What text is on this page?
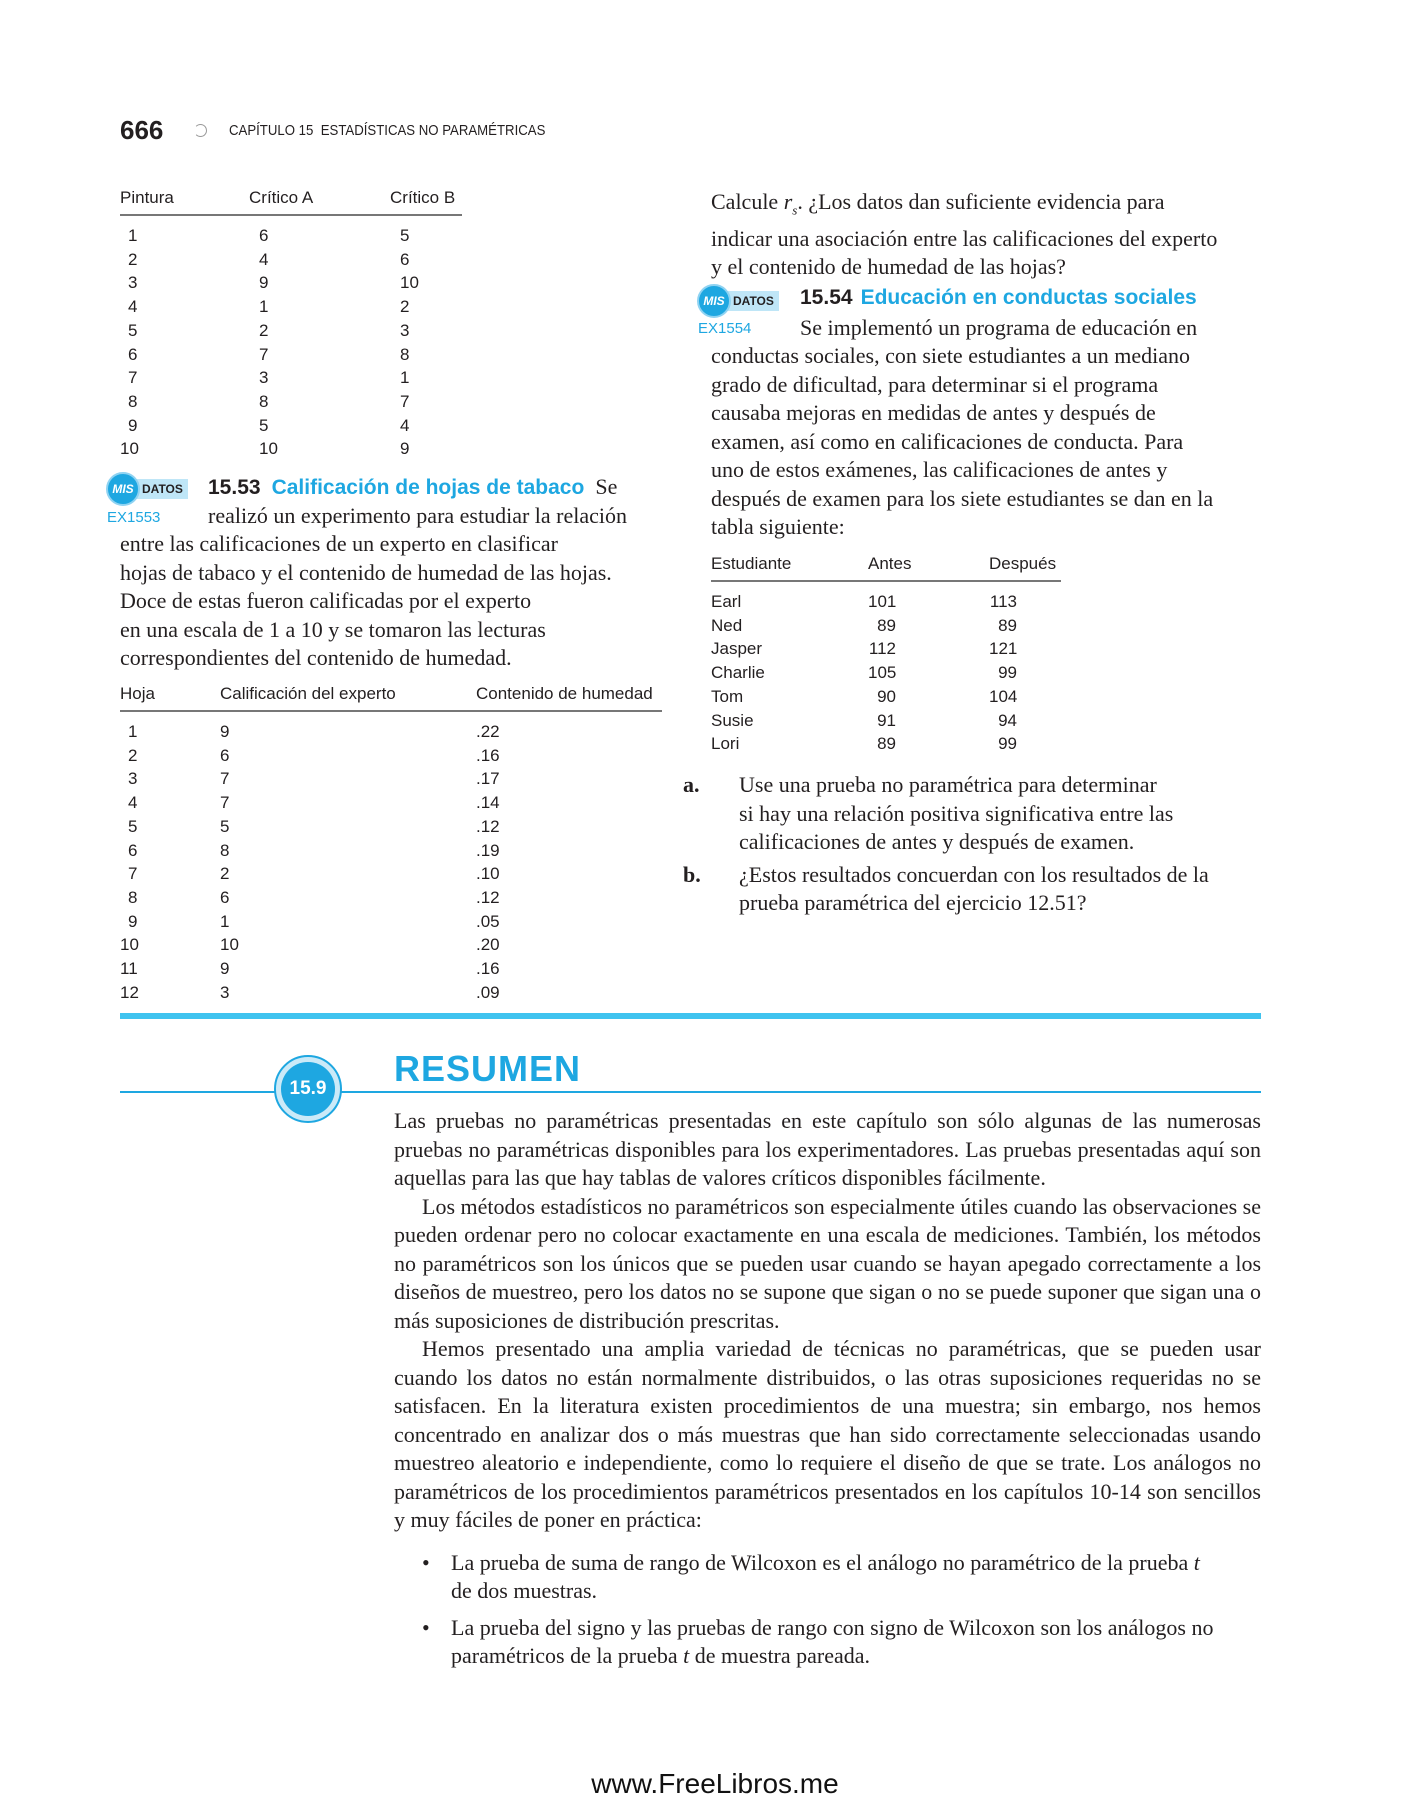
666	CAPÍTULO 15 ESTADÍSTICAS NO PARAMÉTRICAS
Pintura	Crítico A	Crítico B
1	6	5
2	4	6
3	9	10
4	1	2
5	2	3
6	7	8
7	3	1
8	8	7
9	5	4
10	10	9
MIS DATOS
EX1553
15.53 Calificación de hojas de tabaco Se
realizó un experimento para estudiar la relación
entre las calificaciones de un experto en clasificar
hojas de tabaco y el contenido de humedad de las hojas.
Doce de estas fueron calificadas por el experto
en una escala de 1 a 10 y se tomaron las lecturas
correspondientes del contenido de humedad.
Hoja	Calificación del experto	Contenido de humedad
1	9	.22
2	6	.16
3	7	.17
4	7	.14
5	5	.12
6	8	.19
7	2	.10
8	6	.12
9	1	.05
10	10	.20
11	9	.16
12	3	.09
Calcule $r_s$. ¿Los datos dan suficiente evidencia para
indicar una asociación entre las calificaciones del experto
y el contenido de humedad de las hojas?
MIS DATOS
EX1554
15.54 Educación en conductas sociales
Se implementó un programa de educación en
conductas sociales, con siete estudiantes a un mediano
grado de dificultad, para determinar si el programa
causaba mejoras en medidas de antes y después de
examen, así como en calificaciones de conducta. Para
uno de estos exámenes, las calificaciones de antes y
después de examen para los siete estudiantes se dan en la
tabla siguiente:
Estudiante	Antes	Después
Earl	101	113
Ned	89	89
Jasper	112	121
Charlie	105	99
Tom	90	104
Susie	91	94
Lori	89	99
a. Use una prueba no paramétrica para determinar
si hay una relación positiva significativa entre las
calificaciones de antes y después de examen.
b. ¿Estos resultados concuerdan con los resultados de la
prueba paramétrica del ejercicio 12.51?
15.9 RESUMEN

Las pruebas no paramétricas presentadas en este capítulo son sólo algunas de las numerosas pruebas no paramétricas disponibles para los experimentadores. Las pruebas presentadas aquí son aquellas para las que hay tablas de valores críticos disponibles fácilmente.

Los métodos estadísticos no paramétricos son especialmente útiles cuando las observaciones se pueden ordenar pero no colocar exactamente en una escala de mediciones. También, los métodos no paramétricos son los únicos que se pueden usar cuando se hayan apegado correctamente a los diseños de muestreo, pero los datos no se supone que sigan o no se puede suponer que sigan una o más suposiciones de distribución prescritas.

Hemos presentado una amplia variedad de técnicas no paramétricas, que se pueden usar cuando los datos no están normalmente distribuidos, o las otras suposiciones requeridas no se satisfacen. En la literatura existen procedimientos de una muestra; sin embargo, nos hemos concentrado en analizar dos o más muestras que han sido correctamente seleccionadas usando muestreo aleatorio e independiente, como lo requiere el diseño de que se trate. Los análogos no paramétricos de los procedimientos paramétricos presentados en los capítulos 10-14 son sencillos y muy fáciles de poner en práctica:

• La prueba de suma de rango de Wilcoxon es el análogo no paramétrico de la prueba t de dos muestras.
• La prueba del signo y las pruebas de rango con signo de Wilcoxon son los análogos no paramétricos de la prueba t de muestra pareada.
www.FreeLibros.me
